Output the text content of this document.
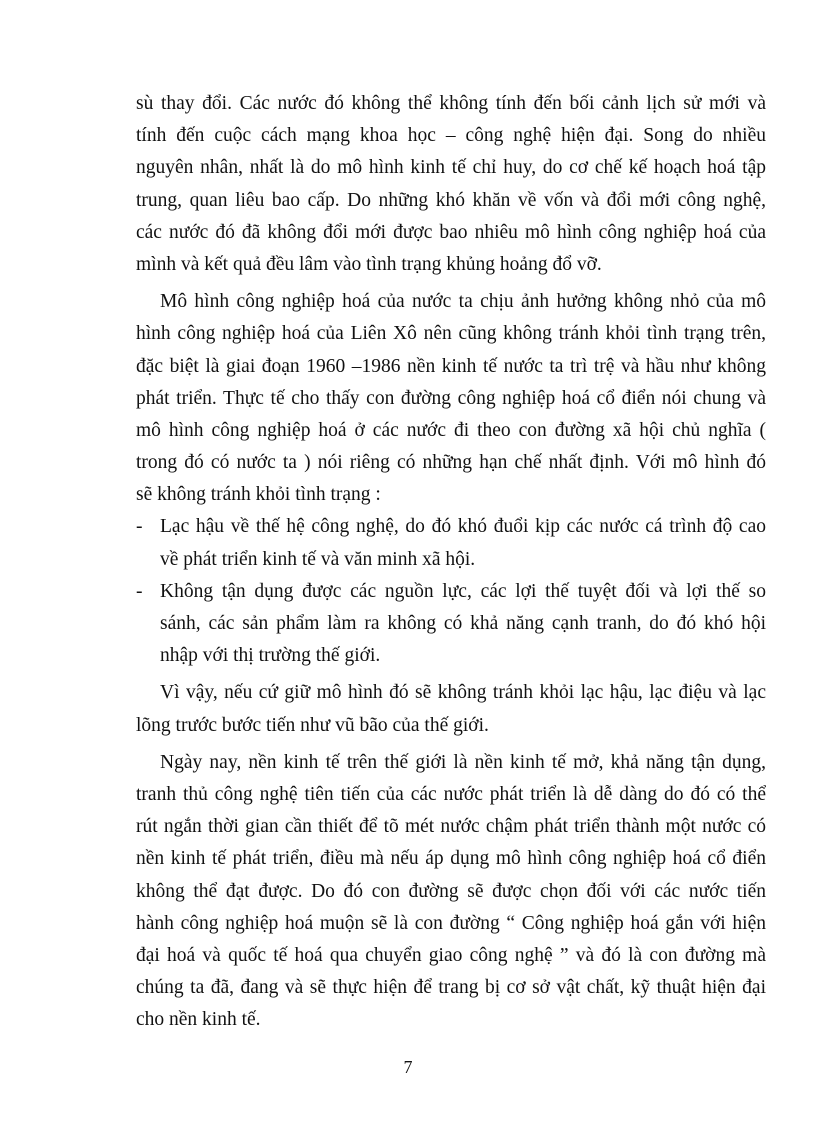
sù thay đổi. Các nước đó không thể không tính đến bối cảnh lịch sử mới và
tính đến cuộc cách mạng khoa học – công nghệ hiện đại. Song do nhiều
nguyên nhân, nhất là do mô hình kinh tế chỉ huy, do cơ chế kế hoạch hoá tập
trung, quan liêu bao cấp. Do những khó khăn về vốn và đổi mới công nghệ,
các nước đó đã không đổi mới được bao nhiêu mô hình công nghiệp hoá của
mình và kết quả đều lâm vào tình trạng khủng hoảng đổ vỡ.
Mô hình công nghiệp hoá của nước ta chịu ảnh hưởng không nhỏ của mô
hình công nghiệp hoá của Liên Xô nên cũng không tránh khỏi tình trạng trên,
đặc biệt là giai đoạn 1960 –1986 nền kinh tế nước ta trì trệ và hầu như không
phát triển. Thực tế cho thấy con đường công nghiệp hoá cổ điển nói chung và
mô hình công nghiệp hoá ở các nước đi theo con đường xã hội chủ nghĩa (
trong đó có nước ta ) nói riêng có những hạn chế nhất định. Với mô hình đó
sẽ không tránh khỏi tình trạng :
- Lạc hậu về thế hệ công nghệ, do đó khó đuổi kịp các nước cá trình độ cao
về phát triển kinh tế và văn minh xã hội.
- Không tận dụng được các nguồn lực, các lợi thế tuyệt đối và lợi thế so
sánh, các sản phẩm làm ra không có khả năng cạnh tranh, do đó khó hội
nhập với thị trường thế giới.
Vì vậy, nếu cứ giữ mô hình đó sẽ không tránh khỏi lạc hậu, lạc điệu và lạc
lõng trước bước tiến như vũ bão của thế giới.
Ngày nay, nền kinh tế trên thế giới là nền kinh tế mở, khả năng tận dụng,
tranh thủ công nghệ tiên tiến của các nước phát triển là dễ dàng do đó có thể
rút ngắn thời gian cần thiết để tõ mét nước chậm phát triển thành một nước có
nền kinh tế phát triển, điều mà nếu áp dụng mô hình công nghiệp hoá cổ điển
không thể đạt được. Do đó con đường sẽ được chọn đối với các nước tiến
hành công nghiệp hoá muộn sẽ là con đường “ Công nghiệp hoá gắn với hiện
đại hoá và quốc tế hoá qua chuyển giao công nghệ ” và đó là con đường mà
chúng ta đã, đang và sẽ thực hiện để trang bị cơ sở vật chất, kỹ thuật hiện đại
cho nền kinh tế.
7
